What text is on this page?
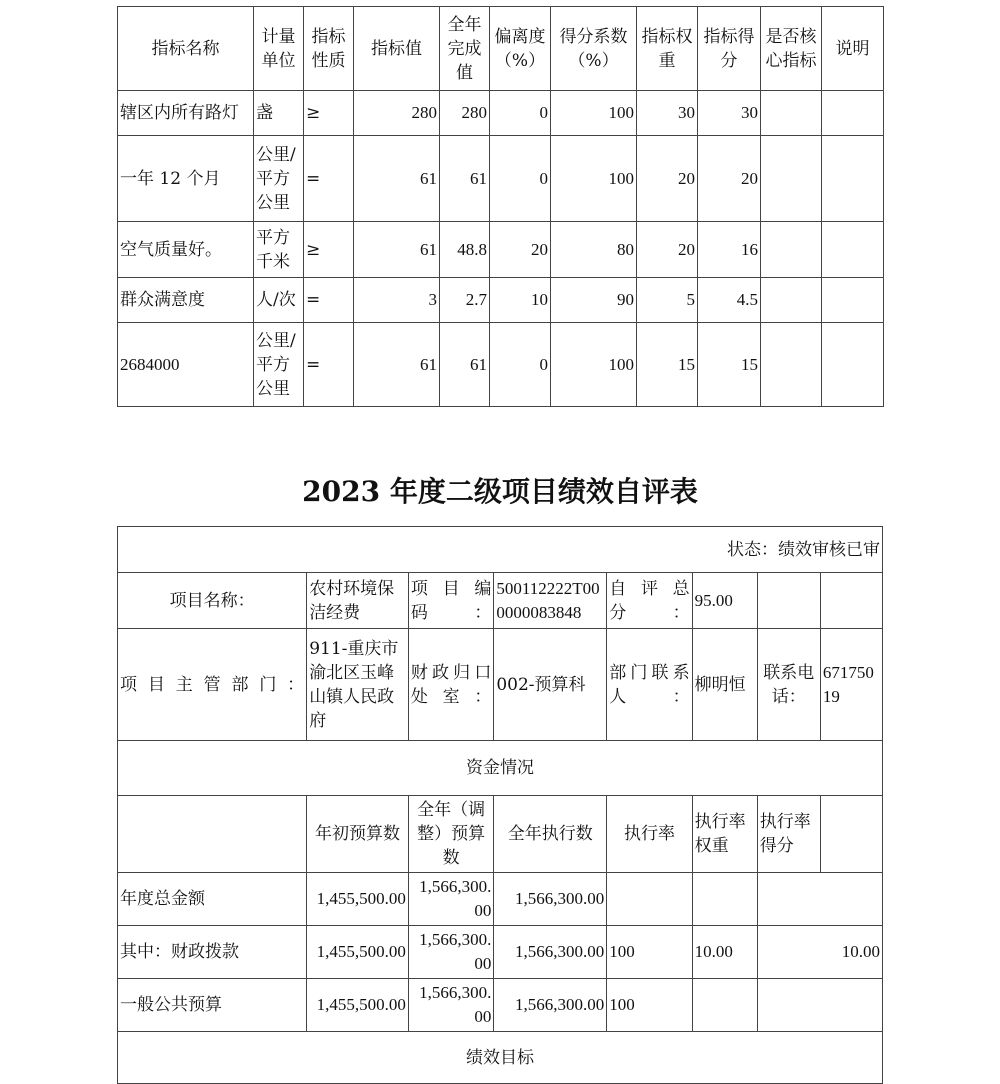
指标名称	计量单位	指标性质	指标值	全年完成值	偏离度（%）	得分系数（%）	指标权重	指标得分	是否核心指标	说明
辖区内所有路灯	盏	≥	280	280	0	100	30	30		
一年 12 个月	公里/平方公里	=	61	61	0	100	20	20		
空气质量好。	平方千米	≥	61	48.8	20	80	20	16		
群众满意度	人/次	=	3	2.7	10	90	5	4.5		
2684000	公里/平方公里	=	61	61	0	100	15	15		
2023 年度二级项目绩效自评表
状态：绩效审核已审							
项目名称：	农村环境保洁经费	项目编码：	500112222T000000083848	自评总分：	95.00		
项目主管部门：	911-重庆市渝北区玉峰山镇人民政府	财政归口处室：	002-预算科	部门联系人：	柳明恒	联系电话：	67175019
资金情况							
	年初预算数	全年（调整）预算数	全年执行数	执行率	执行率权重	执行率得分	
年度总金额	1,455,500.00	1,566,300.00	1,566,300.00				
其中：财政拨款	1,455,500.00	1,566,300.00	1,566,300.00	100	10.00	10.00	
一般公共预算	1,455,500.00	1,566,300.00	1,566,300.00	100			
绩效目标							
